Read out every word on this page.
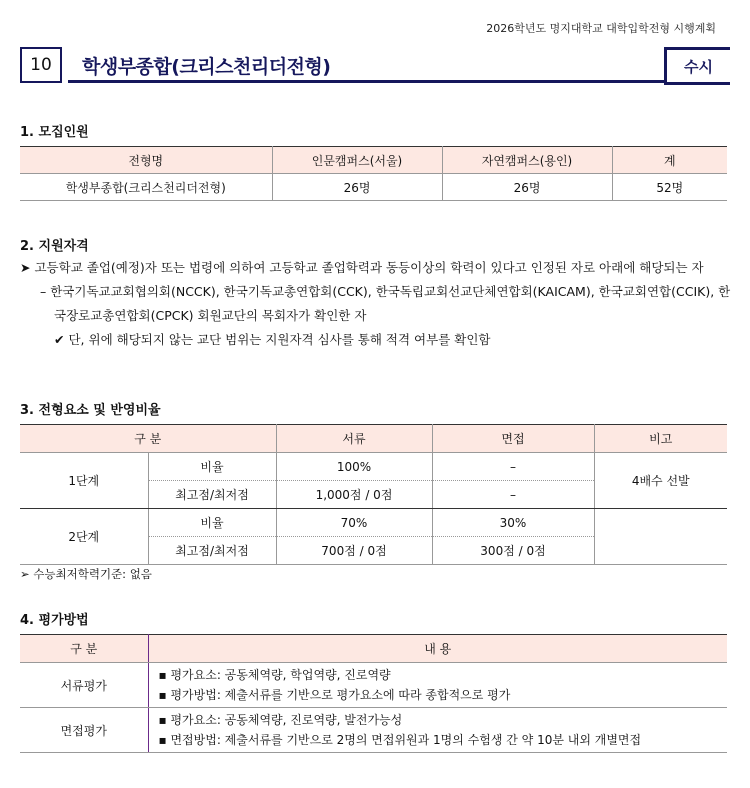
2026학년도 명지대학교 대학입학전형 시행계획
10	학생부종합(크리스천리더전형)	수시
1. 모집인원
전형명	인문캠퍼스(서울)	자연캠퍼스(용인)	계
학생부종합(크리스천리더전형)	26명	26명	52명
2. 지원자격
➤ 고등학교 졸업(예정)자 또는 법령에 의하여 고등학교 졸업학력과 동등이상의 학력이 있다고 인정된 자로 아래에 해당되는 자
– 한국기독교교회협의회(NCCK), 한국기독교총연합회(CCK), 한국독립교회선교단체연합회(KAICAM), 한국교회연합(CCIK), 한국장로교총연합회(CPCK) 회원교단의 목회자가 확인한 자
✔ 단, 위에 해당되지 않는 교단 범위는 지원자격 심사를 통해 적격 여부를 확인함
3. 전형요소 및 반영비율
구 분		서류	면접	비고
1단계	비율	100%	–	4배수 선발
	최고점/최저점	1,000점 / 0점	–	
2단계	비율	70%	30%	
	최고점/최저점	700점 / 0점	300점 / 0점	
➢ 수능최저학력기준: 없음
4. 평가방법
구 분	내 용
서류평가	▪ 평가요소: 공동체역량, 학업역량, 진로역량
▪ 평가방법: 제출서류를 기반으로 평가요소에 따라 종합적으로 평가

면접평가	▪ 평가요소: 공동체역량, 진로역량, 발전가능성
▪ 면접방법: 제출서류를 기반으로 2명의 면접위원과 1명의 수험생 간 약 10분 내외 개별면접
